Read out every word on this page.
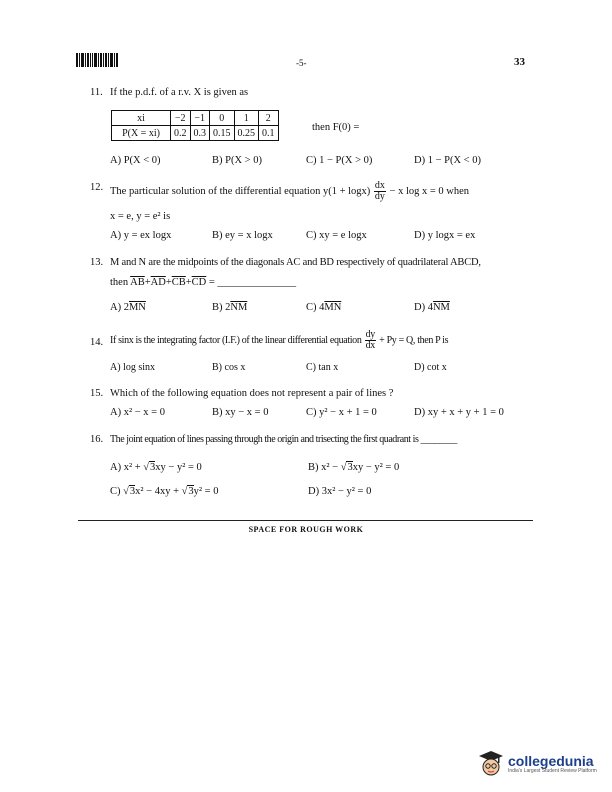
-5-	33
11. If the p.d.f. of a r.v. X is given as
xi	−2	−1	0	1	2
P(X = xi)	0.2	0.3	0.15	0.25	0.1	then F(0) =
A) P(X < 0)	B) P(X > 0)	C) 1 − P(X > 0)	D) 1 − P(X < 0)
12. The particular solution of the differential equation $y(1 + \log x) \frac{dx}{dy} - x$ log x = 0 when
x = e, y = e² is
A) y = ex logx	B) ey = x logx	C) xy = e logx	D) y logx = ex
13. M and N are the midpoints of the diagonals AC and BD respectively of quadrilateral ABCD,
then $\overline{AB}+\overline{AD}+\overline{CB}+\overline{CD}$ = _______________
A) $2\overline{MN}$	B) $2\overline{NM}$	C) $4\overline{MN}$	D) $4\overline{NM}$
14. If sinx is the integrating factor (I.F.) of the linear differential equation $\frac{dy}{dx} + Py = Q$, then P is
A) log sinx	B) cos x	C) tan x	D) cot x
15. Which of the following equation does not represent a pair of lines ?
A) x² − x = 0	B) xy − x = 0	C) y² − x + 1 = 0	D) xy + x + y + 1 = 0
16. The joint equation of lines passing through the origin and trisecting the first quadrant is ________
A) x² + √3xy − y² = 0	B) x² − √3xy − y² = 0
C) √3x² − 4xy + √3y² = 0	D) 3x² − y² = 0
SPACE FOR ROUGH WORK
collegedunia
India's Largest Student Review Platform
